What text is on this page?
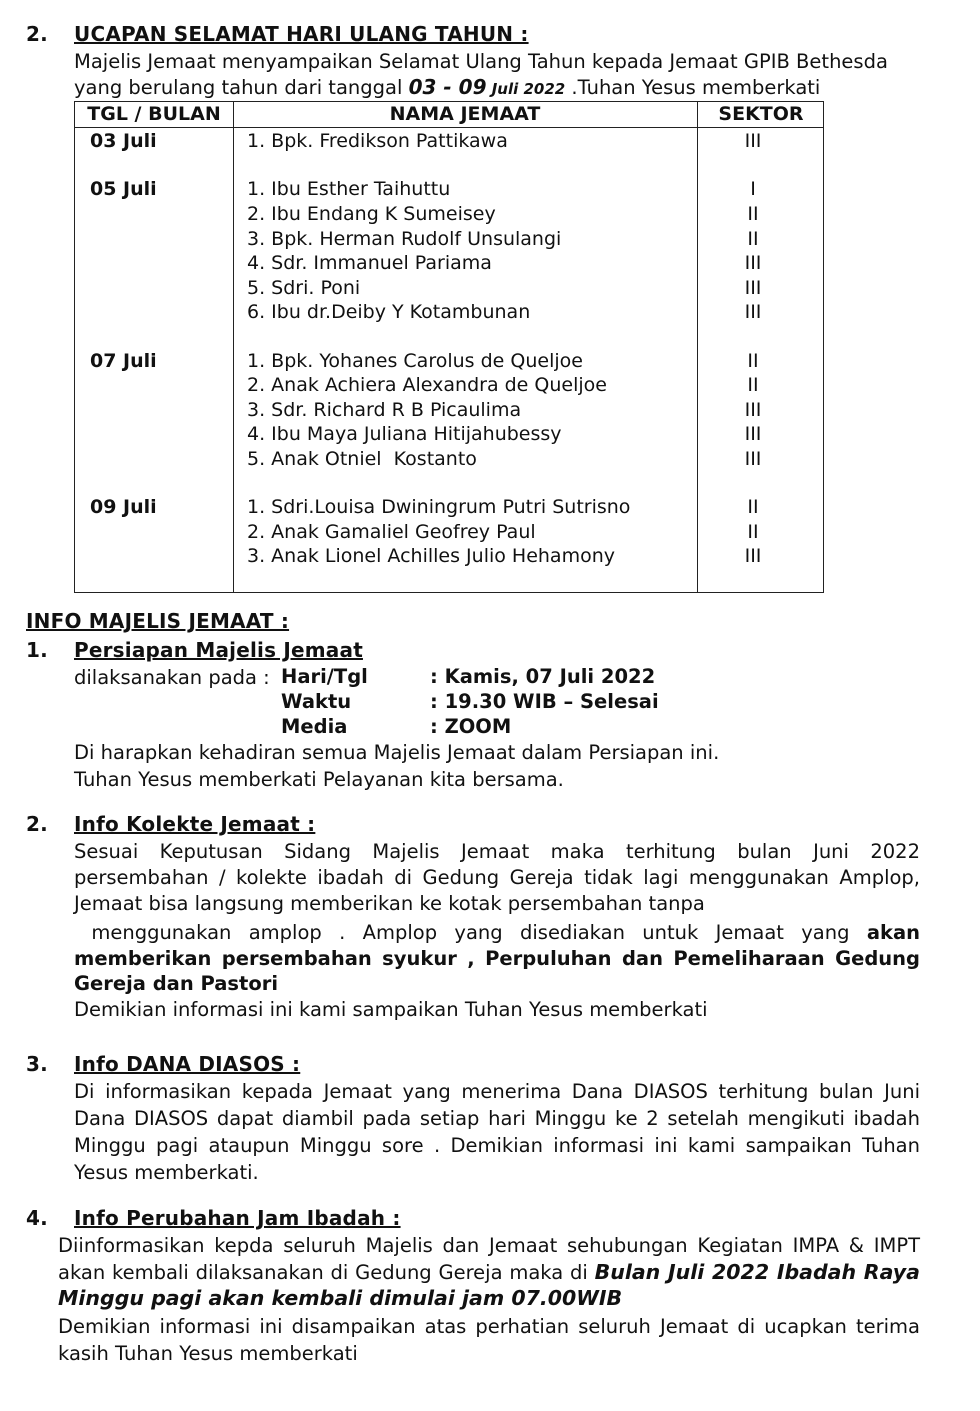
2. UCAPAN SELAMAT HARI ULANG TAHUN :
Majelis Jemaat menyampaikan Selamat Ulang Tahun kepada Jemaat GPIB Bethesda
yang berulang tahun dari tanggal 03 - 09 Juli 2022 .Tuhan Yesus memberkati
TGL / BULAN	NAMA JEMAAT	SEKTOR
03 Juli	1. Bpk. Fredikson Pattikawa	III
05 Juli	1. Ibu Esther Taihuttu	I
2. Ibu Endang K Sumeisey	II
3. Bpk. Herman Rudolf Unsulangi	II
4. Sdr. Immanuel Pariama	III
5. Sdri. Poni	III
6. Ibu dr.Deiby Y Kotambunan	III
07 Juli	1. Bpk. Yohanes Carolus de Queljoe	II
2. Anak Achiera Alexandra de Queljoe	II
3. Sdr. Richard R B Picaulima	III
4. Ibu Maya Juliana Hitijahubessy	III
5. Anak Otniel  Kostanto	III
09 Juli	1. Sdri.Louisa Dwiningrum Putri Sutrisno	II
2. Anak Gamaliel Geofrey Paul	II
3. Anak Lionel Achilles Julio Hehamony	III
INFO MAJELIS JEMAAT :
1. Persiapan Majelis Jemaat
dilaksanakan pada : Hari/Tgl	: Kamis, 07 Juli 2022
Waktu	: 19.30 WIB – Selesai
Media	: ZOOM
Di harapkan kehadiran semua Majelis Jemaat dalam Persiapan ini.
Tuhan Yesus memberkati Pelayanan kita bersama.
2. Info Kolekte Jemaat :
Sesuai Keputusan Sidang Majelis Jemaat maka terhitung bulan Juni 2022
persembahan / kolekte ibadah di Gedung Gereja tidak lagi menggunakan Amplop,
Jemaat bisa langsung memberikan ke kotak persembahan tanpa
menggunakan amplop . Amplop yang disediakan untuk Jemaat yang akan
memberikan persembahan syukur , Perpuluhan dan Pemeliharaan Gedung
Gereja dan Pastori
Demikian informasi ini kami sampaikan Tuhan Yesus memberkati
3. Info DANA DIASOS :
Di informasikan kepada Jemaat yang menerima Dana DIASOS terhitung bulan Juni
Dana DIASOS dapat diambil pada setiap hari Minggu ke 2 setelah mengikuti ibadah
Minggu pagi ataupun Minggu sore . Demikian informasi ini kami sampaikan Tuhan
Yesus memberkati.
4. Info Perubahan Jam Ibadah :
Diinformasikan kepda seluruh Majelis dan Jemaat sehubungan Kegiatan IMPA & IMPT
akan kembali dilaksanakan di Gedung Gereja maka di Bulan Juli 2022 Ibadah Raya
Minggu pagi akan kembali dimulai jam 07.00WIB
Demikian informasi ini disampaikan atas perhatian seluruh Jemaat di ucapkan terima
kasih Tuhan Yesus memberkati
